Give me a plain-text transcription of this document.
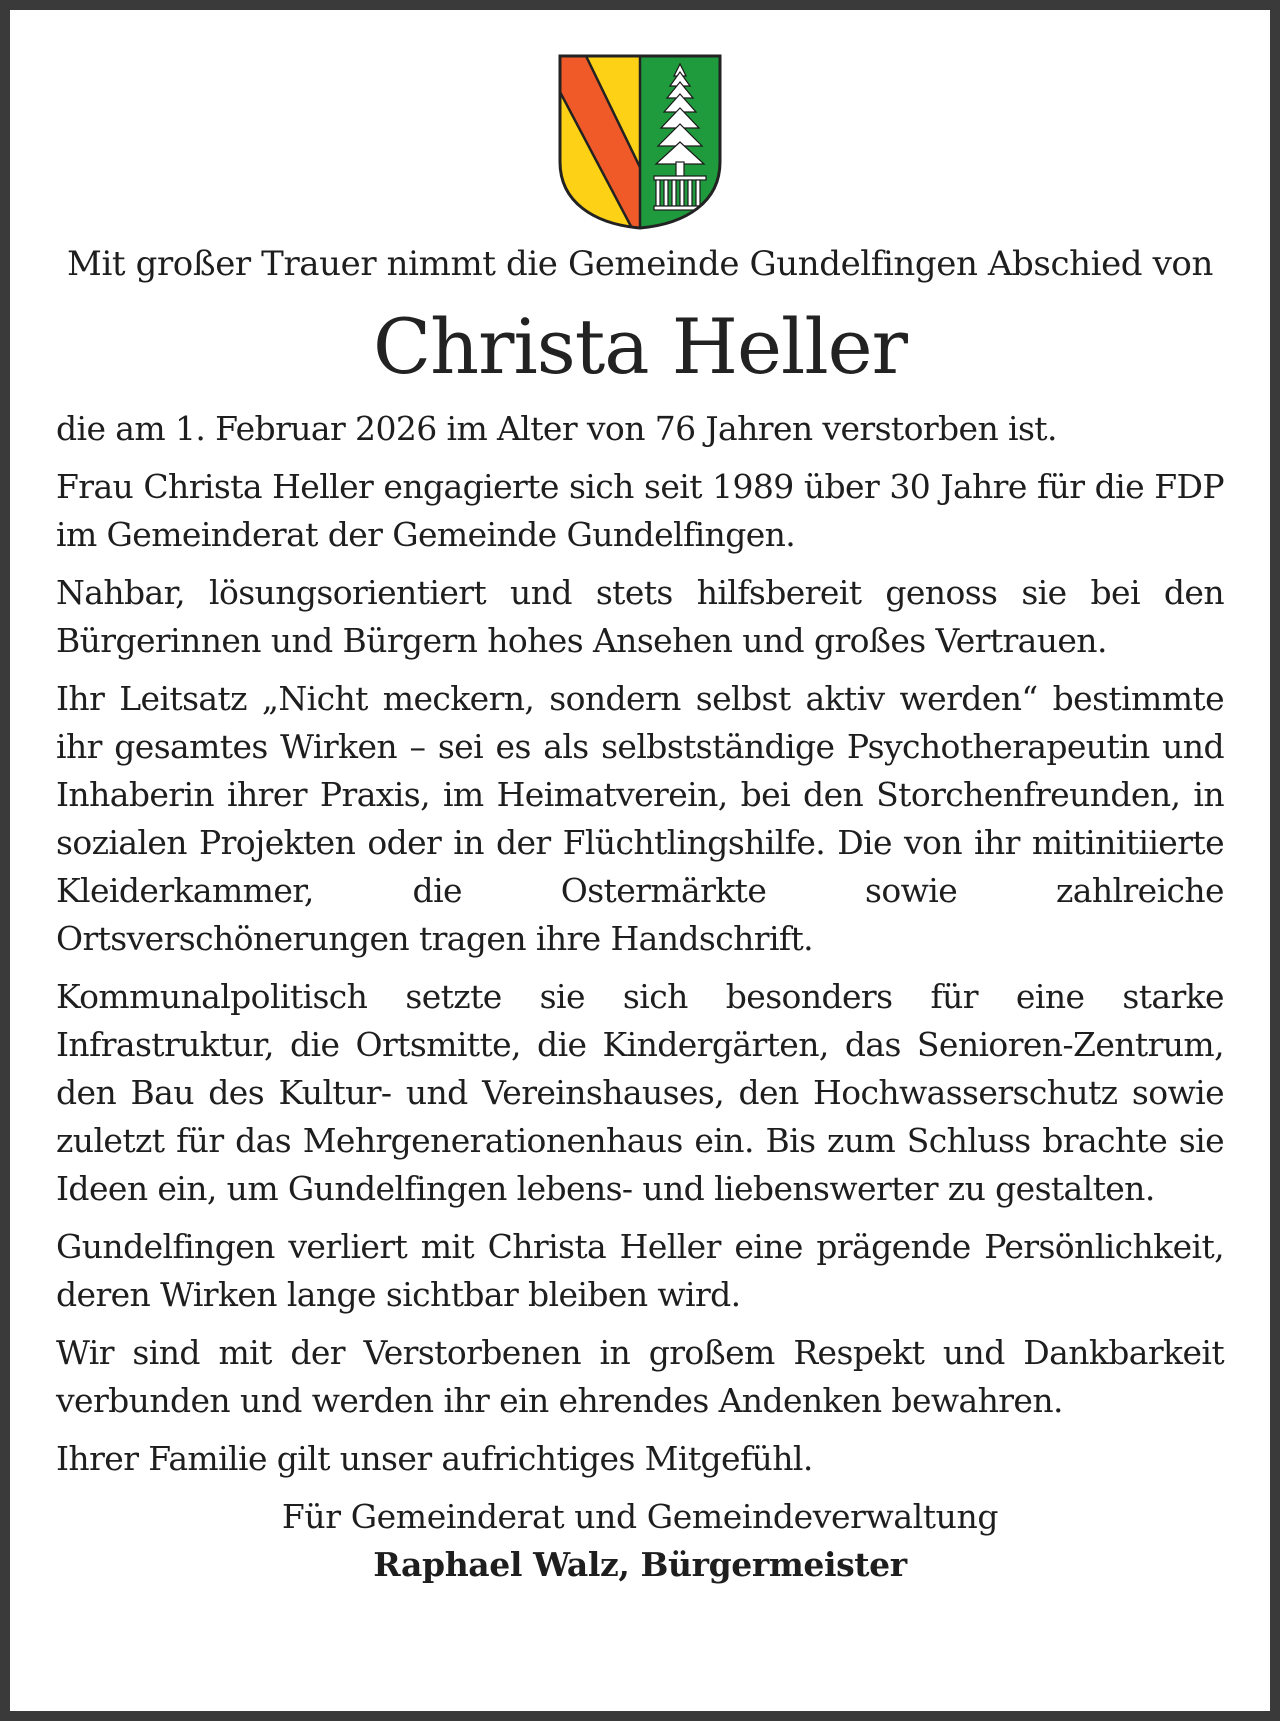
Mit großer Trauer nimmt die Gemeinde Gundelfingen Abschied von
Christa Heller

die am 1. Februar 2026 im Alter von 76 Jahren verstorben ist.

Frau Christa Heller engagierte sich seit 1989 über 30 Jahre für die FDP im Gemeinderat der Gemeinde Gundelfingen.

Nahbar, lösungsorientiert und stets hilfsbereit genoss sie bei den Bürgerinnen und Bürgern hohes Ansehen und großes Vertrauen.

Ihr Leitsatz „Nicht meckern, sondern selbst aktiv werden“ bestimmte ihr gesamtes Wirken – sei es als selbstständige Psychotherapeutin und Inhaberin ihrer Praxis, im Heimatverein, bei den Storchenfreunden, in sozialen Projekten oder in der Flüchtlingshilfe. Die von ihr mitinitiierte Kleiderkammer, die Ostermärkte sowie zahlreiche Ortsverschönerungen tragen ihre Handschrift.

Kommunalpolitisch setzte sie sich besonders für eine starke Infrastruktur, die Ortsmitte, die Kindergärten, das Senioren-Zentrum, den Bau des Kultur- und Vereinshauses, den Hochwasserschutz sowie zuletzt für das Mehrgenerationenhaus ein. Bis zum Schluss brachte sie Ideen ein, um Gundelfingen lebens- und liebenswerter zu gestalten.

Gundelfingen verliert mit Christa Heller eine prägende Persönlichkeit, deren Wirken lange sichtbar bleiben wird.

Wir sind mit der Verstorbenen in großem Respekt und Dankbarkeit verbunden und werden ihr ein ehrendes Andenken bewahren.

Ihrer Familie gilt unser aufrichtiges Mitgefühl.

Für Gemeinderat und Gemeindeverwaltung
Raphael Walz, Bürgermeister
